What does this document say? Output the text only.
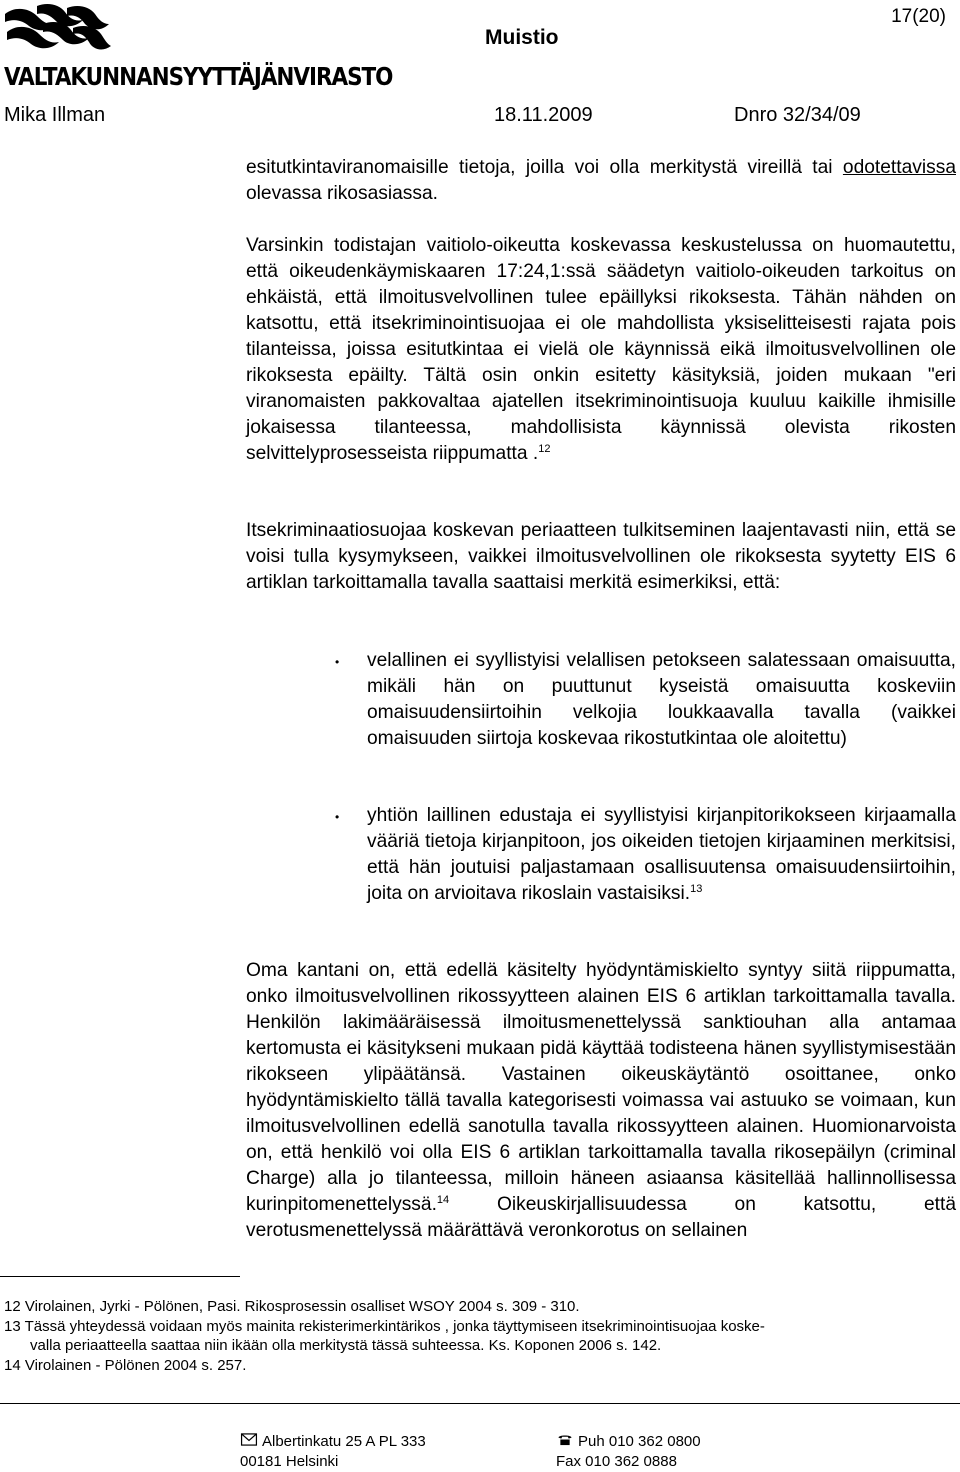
VALTAKUNNANSYYTTÄJÄNVIRASTO
17(20)
Muistio
Mika Illman	18.11.2009	Dnro 32/34/09
esitutkintaviranomaisille tietoja, joilla voi olla merkitystä vireillä tai odotettavissa olevassa rikosasiassa.
Varsinkin todistajan vaitiolo-oikeutta koskevassa keskustelussa on huomautettu, että oikeudenkäymiskaaren 17:24,1:ssä säädetyn vaitiolo-oikeuden tarkoitus on ehkäistä, että ilmoitusvelvollinen tulee epäillyksi rikoksesta. Tähän nähden on katsottu, että itsekriminointisuojaa ei ole mahdollista yksiselitteisesti rajata pois tilanteissa, joissa esitutkintaa ei vielä ole käynnissä eikä ilmoitusvelvollinen ole rikoksesta epäilty. Tältä osin onkin esitetty käsityksiä, joiden mukaan "eri viranomaisten pakkovaltaa ajatellen itsekriminointisuoja kuuluu kaikille ihmisille jokaisessa tilanteessa, mahdollisista käynnissä olevista rikosten selvittelyprosesseista riippumatta .$^{12}$
Itsekriminaatiosuojaa koskevan periaatteen tulkitseminen laajentavasti niin, että se voisi tulla kysymykseen, vaikkei ilmoitusvelvollinen ole rikoksesta syytetty EIS 6 artiklan tarkoittamalla tavalla saattaisi merkitä esimerkiksi, että:
• velallinen ei syyllistyisi velallisen petokseen salatessaan omaisuutta, mikäli hän on puuttunut kyseistä omaisuutta koskeviin omaisuudensiirtoihin velkojia loukkaavalla tavalla (vaikkei omaisuuden siirtoja koskevaa rikostutkintaa ole aloitettu)
• yhtiön laillinen edustaja ei syyllistyisi kirjanpitorikokseen kirjaamalla vääriä tietoja kirjanpitoon, jos oikeiden tietojen kirjaaminen merkitsisi, että hän joutuisi paljastamaan osallisuutensa omaisuudensiirtoihin, joita on arvioitava rikoslain vastaisiksi.$^{13}$
Oma kantani on, että edellä käsitelty hyödyntämiskielto syntyy siitä riippumatta, onko ilmoitusvelvollinen rikossyytteen alainen EIS 6 artiklan tarkoittamalla tavalla. Henkilön lakimääräisessä ilmoitusmenettelyssä sanktiouhan alla antamaa kertomusta ei käsitykseni mukaan pidä käyttää todisteena hänen syyllistymisestään rikokseen ylipäätänsä. Vastainen oikeuskäytäntö osoittanee, onko hyödyntämiskielto tällä tavalla kategorisesti voimassa vai astuuko se voimaan, kun ilmoitusvelvollinen edellä sanotulla tavalla rikossyytteen alainen. Huomionarvoista on, että henkilö voi olla EIS 6 artiklan tarkoittamalla tavalla rikosepäilyn (criminal Charge) alla jo tilanteessa, milloin häneen asiaansa käsitellää hallinnollisessa kurinpitomenettelyssä.$^{14}$ Oikeuskirjallisuudessa on katsottu, että verotusmenettelyssä määrättävä veronkorotus on sellainen

12 Virolainen, Jyrki - Pölönen, Pasi. Rikosprosessin osalliset WSOY 2004 s. 309 - 310.

13 Tässä yhteydessä voidaan myös mainita rekisterimerkintärikos , jonka täyttymiseen itsekriminointisuojaa koske-

valla periaatteella saattaa niin ikään olla merkitystä tässä suhteessa. Ks. Koponen 2006 s. 142.

14 Virolainen - Pölönen 2004 s. 257.

Albertinkatu 25 A PL 333
00181 Helsinki
Puh 010 362 0800
Fax 010 362 0888
